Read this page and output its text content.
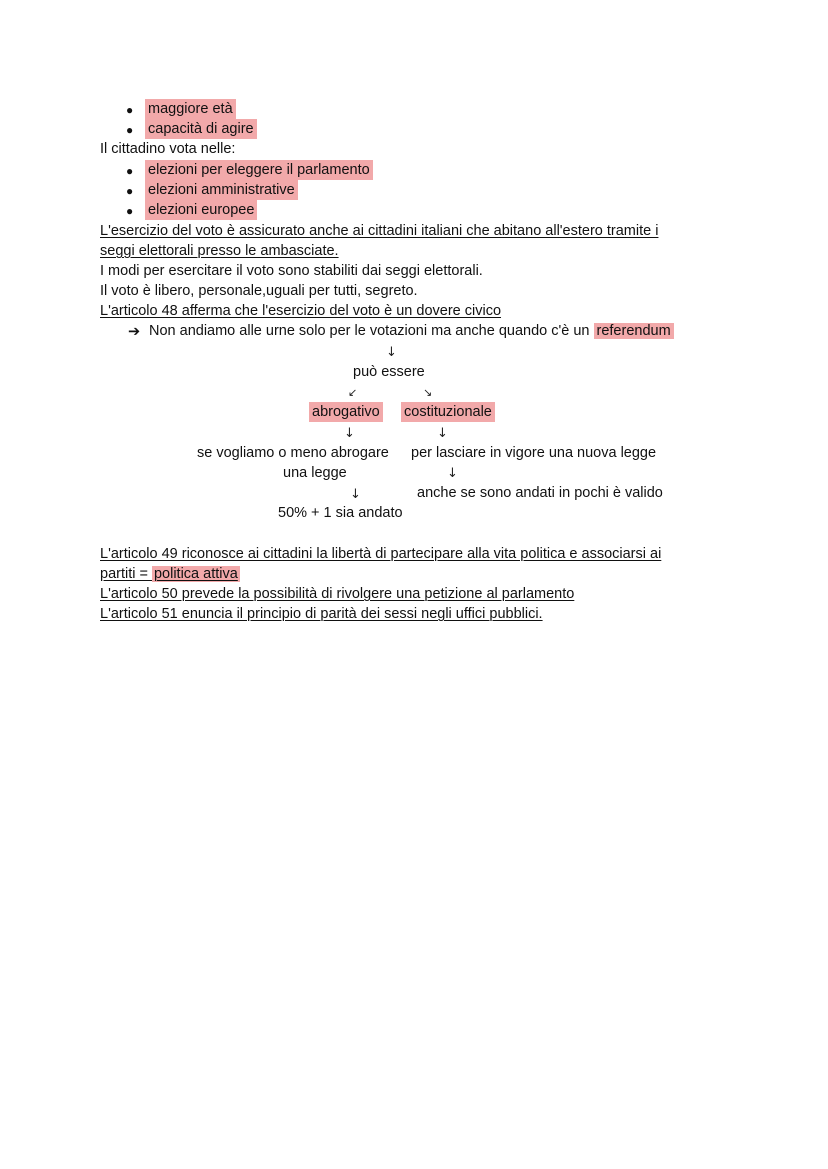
● maggiore età
● capacità di agire
Il cittadino vota nelle:
● elezioni per eleggere il parlamento
● elezioni amministrative
● elezioni europee
L'esercizio del voto è assicurato anche ai cittadini italiani che abitano all'estero tramite i
seggi elettorali presso le ambasciate.
I modi per esercitare il voto sono stabiliti dai seggi elettorali.
Il voto è libero, personale,uguali per tutti, segreto.
L'articolo 48 afferma che l'esercizio del voto è un dovere civico
➔ Non andiamo alle urne solo per le votazioni ma anche quando c'è un referendum
↓
può essere
↙	↘
abrogativo costituzionale
↓	↓
se vogliamo o meno abrogare
una legge
per lasciare in vigore una nuova legge
↓
↓	anche se sono andati in pochi è valido
50% + 1 sia andato
L'articolo 49 riconosce ai cittadini la libertà di partecipare alla vita politica e associarsi ai
partiti = politica attiva
L'articolo 50 prevede la possibilità di rivolgere una petizione al parlamento
L'articolo 51 enuncia il principio di parità dei sessi negli uffici pubblici.
